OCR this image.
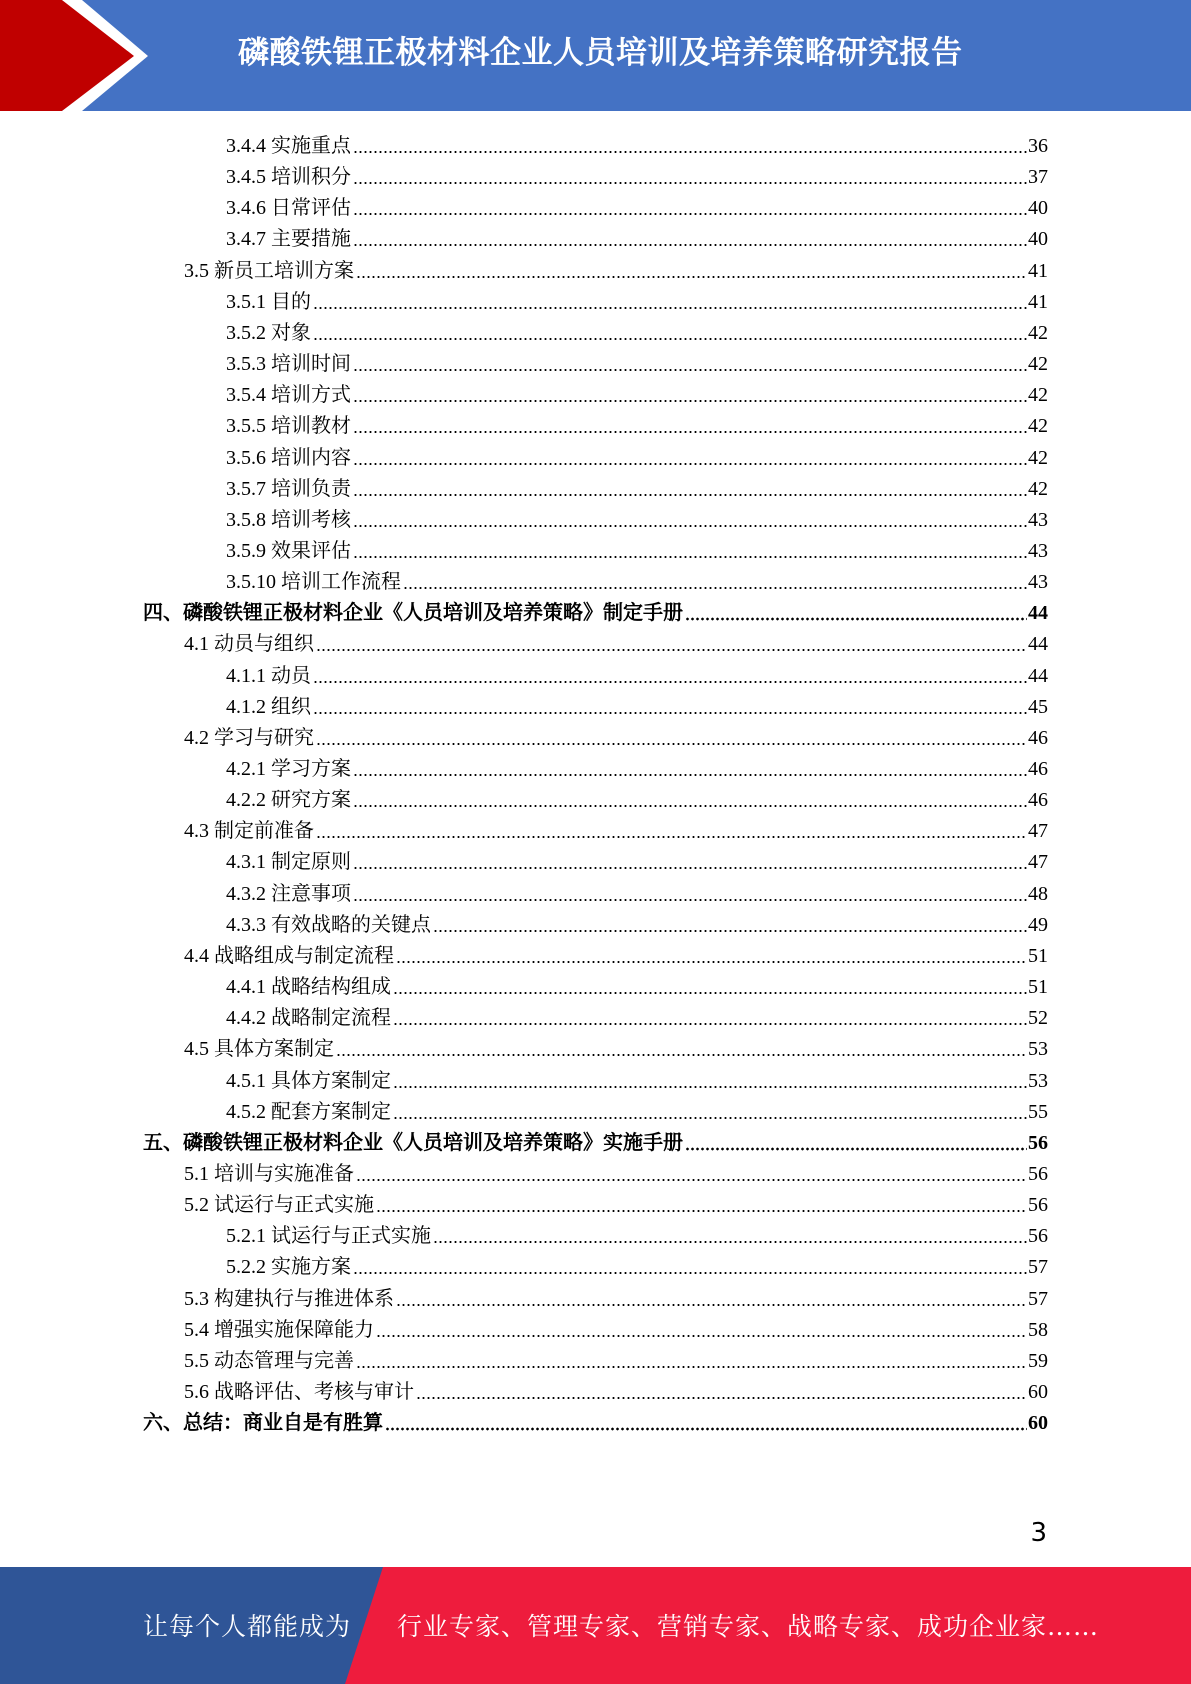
磷酸铁锂正极材料企业人员培训及培养策略研究报告
3.4.4 实施重点	36
3.4.5 培训积分	37
3.4.6 日常评估	40
3.4.7 主要措施	40
3.5 新员工培训方案	41
3.5.1 目的	41
3.5.2 对象	42
3.5.3 培训时间	42
3.5.4 培训方式	42
3.5.5 培训教材	42
3.5.6 培训内容	42
3.5.7 培训负责	42
3.5.8 培训考核	43
3.5.9 效果评估	43
3.5.10 培训工作流程	43
四、磷酸铁锂正极材料企业《人员培训及培养策略》制定手册	44
4.1 动员与组织	44
4.1.1 动员	44
4.1.2 组织	45
4.2 学习与研究	46
4.2.1 学习方案	46
4.2.2 研究方案	46
4.3 制定前准备	47
4.3.1 制定原则	47
4.3.2 注意事项	48
4.3.3 有效战略的关键点	49
4.4 战略组成与制定流程	51
4.4.1 战略结构组成	51
4.4.2 战略制定流程	52
4.5 具体方案制定	53
4.5.1 具体方案制定	53
4.5.2 配套方案制定	55
五、磷酸铁锂正极材料企业《人员培训及培养策略》实施手册	56
5.1 培训与实施准备	56
5.2 试运行与正式实施	56
5.2.1 试运行与正式实施	56
5.2.2 实施方案	57
5.3 构建执行与推进体系	57
5.4 增强实施保障能力	58
5.5 动态管理与完善	59
5.6 战略评估、考核与审计	60
六、总结：商业自是有胜算	60
3
让每个人都能成为 行业专家、管理专家、营销专家、战略专家、成功企业家……
